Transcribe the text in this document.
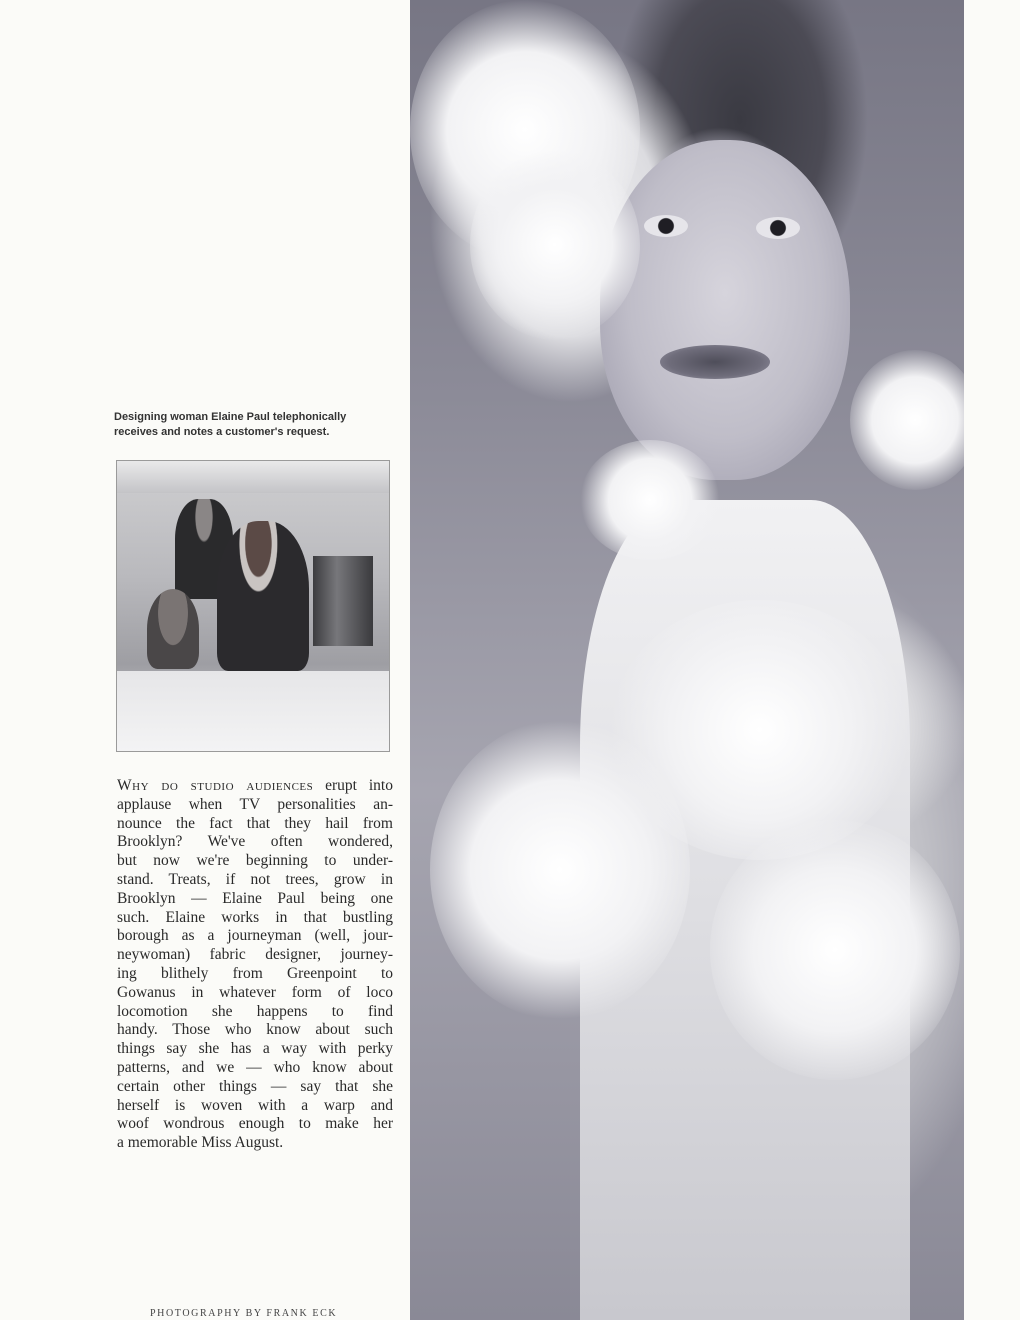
Designing woman Elaine Paul telephonically
receives and notes a customer's request.
Why do studio audiences erupt into
applause when TV personalities an-
nounce the fact that they hail from
Brooklyn? We've often wondered,
but now we're beginning to under-
stand. Treats, if not trees, grow in
Brooklyn — Elaine Paul being one
such. Elaine works in that bustling
borough as a journeyman (well, jour-
neywoman) fabric designer, journey-
ing blithely from Greenpoint to
Gowanus in whatever form of loco
locomotion she happens to find
handy. Those who know about such
things say she has a way with perky
patterns, and we — who know about
certain other things — say that she
herself is woven with a warp and
woof wondrous enough to make her
a memorable Miss August.
PHOTOGRAPHY BY FRANK ECK
